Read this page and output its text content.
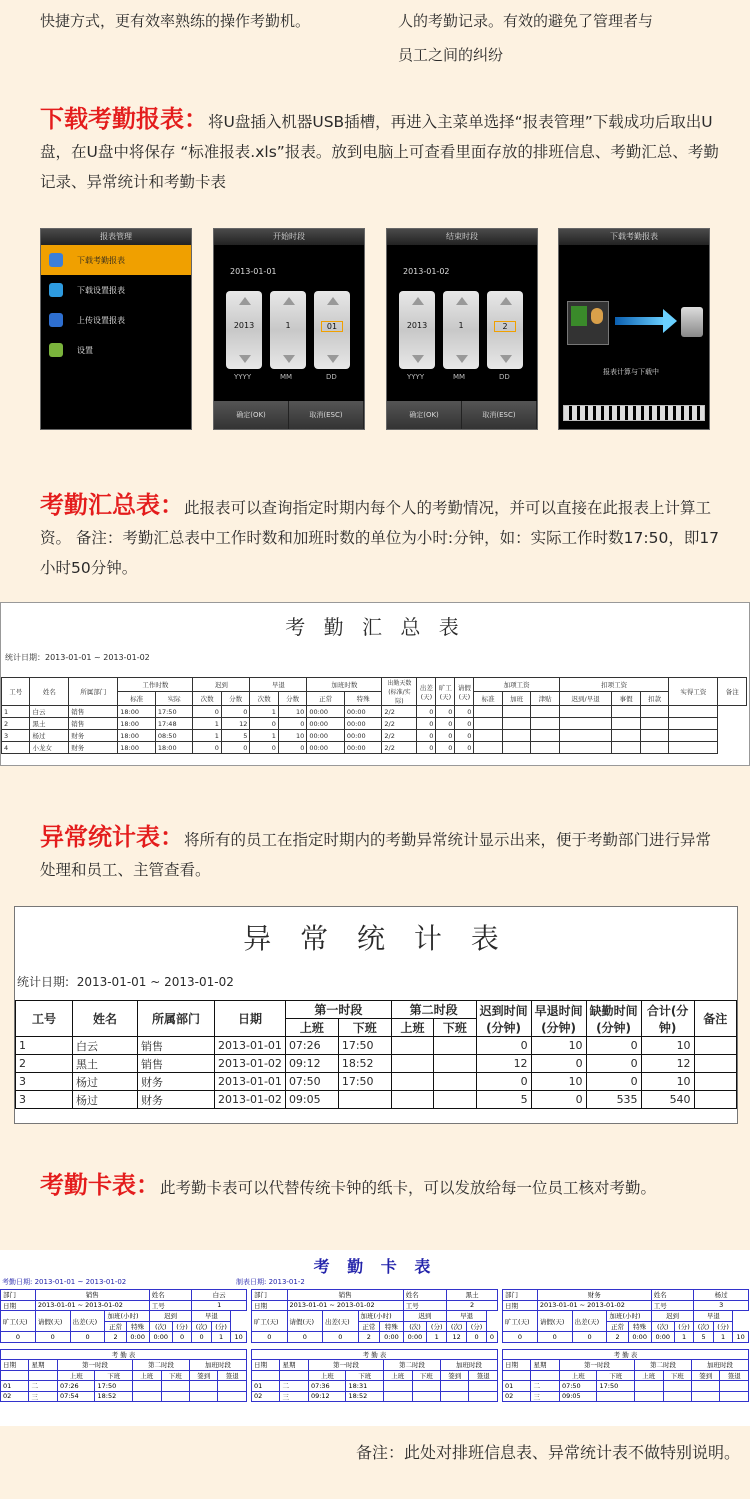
快捷方式，更有效率熟练的操作考勤机。	人的考勤记录。有效的避免了管理者与
员工之间的纠纷
下载考勤报表：将U盘插入机器USB插槽，再进入主菜单选择“报表管理”下载成功后取出U盘，在U盘中将保存 “标准报表.xls”报表。放到电脑上可查看里面存放的排班信息、考勤汇总、考勤记录、异常统计和考勤卡表
报表管理
下载考勤报表
下载设置报表
上传设置报表
设置
开始时段
2013-01-01
2013	1	01
YYYY	MM	DD
确定(OK)	取消(ESC)
结束时段
2013-01-02
2013	1	2
YYYY	MM	DD
确定(OK)	取消(ESC)
下载考勤报表
报表计算与下载中
考勤汇总表：此报表可以查询指定时期内每个人的考勤情况，并可以直接在此报表上计算工资。 备注：考勤汇总表中工作时数和加班时数的单位为小时:分钟，如：实际工作时数17:50，即17小时50分钟。
考 勤 汇 总 表
统计日期：2013-01-01 ~ 2013-01-02
工号	姓名	所属部门	工作时数		迟到		早退		加班时数		出勤天数(标准/实际)	出差(天)	旷工(天)	请假(天)	加项工资			扣项工资			实得工资	备注
			标准	实际	次数	分数	次数	分数	正常	特殊					标准	加班	津贴	迟到/早退	事假	扣款		
1	白云	销售	18:00	17:50	0	0	1	10	00:00	00:00	2/2	0	0	0								
2	黑土	销售	18:00	17:48	1	12	0	0	00:00	00:00	2/2	0	0	0								
3	杨过	财务	18:00	08:50	1	5	1	10	00:00	00:00	2/2	0	0	0								
4	小龙女	财务	18:00	18:00	0	0	0	0	00:00	00:00	2/2	0	0	0								
异常统计表：将所有的员工在指定时期内的考勤异常统计显示出来，便于考勤部门进行异常处理和员工、主管查看。
异 常 统 计 表
统计日期: 2013-01-01 ~ 2013-01-02
工号	姓名	所属部门	日期	第一时段		第二时段		迟到时间(分钟)	早退时间(分钟)	缺勤时间(分钟)	合计(分钟)	备注
				上班	下班	上班	下班					
1	白云	销售	2013-01-01	07:26	17:50			0	10	0	10	
2	黑土	销售	2013-01-02	09:12	18:52			12	0	0	12	
3	杨过	财务	2013-01-01	07:50	17:50			0	10	0	10	
3	杨过	财务	2013-01-02	09:05				5	0	535	540	
考勤卡表：此考勤卡表可以代替传统卡钟的纸卡，可以发放给每一位员工核对考勤。
考 勤 卡 表
考勤日期: 2013-01-01 ~ 2013-01-02	制表日期: 2013-01-2
部门	销售				姓名		白云		
日期	2013-01-01 ~ 2013-01-02				工号		1		
旷工(天)	请假(天)	出差(天)	加班(小时)		迟到		早退		
			正常	特殊	(次)	(分)	(次)	(分)	
0	0	0	2	0:00	0:00	0	0	1	10
考 勤 表							
日期	星期	第一时段		第二时段		加班时段	
		上班	下班	上班	下班	签到	签退
01	二	07:26	17:50				
02	三	07:54	18:52				
部门	销售				姓名		黑土		
日期	2013-01-01 ~ 2013-01-02				工号		2		
旷工(天)	请假(天)	出差(天)	加班(小时)		迟到		早退		
			正常	特殊	(次)	(分)	(次)	(分)	
0	0	0	2	0:00	0:00	1	12	0	0
考 勤 表							
日期	星期	第一时段		第二时段		加班时段	
		上班	下班	上班	下班	签到	签退
01	二	07:36	18:31				
02	三	09:12	18:52				
部门	财务				姓名		杨过		
日期	2013-01-01 ~ 2013-01-02				工号		3		
旷工(天)	请假(天)	出差(天)	加班(小时)		迟到		早退		
			正常	特殊	(次)	(分)	(次)	(分)	
0	0	0	2	0:00	0:00	1	5	1	10
考 勤 表							
日期	星期	第一时段		第二时段		加班时段	
		上班	下班	上班	下班	签到	签退
01	二	07:50	17:50				
02	三	09:05					
备注：此处对排班信息表、异常统计表不做特别说明。
